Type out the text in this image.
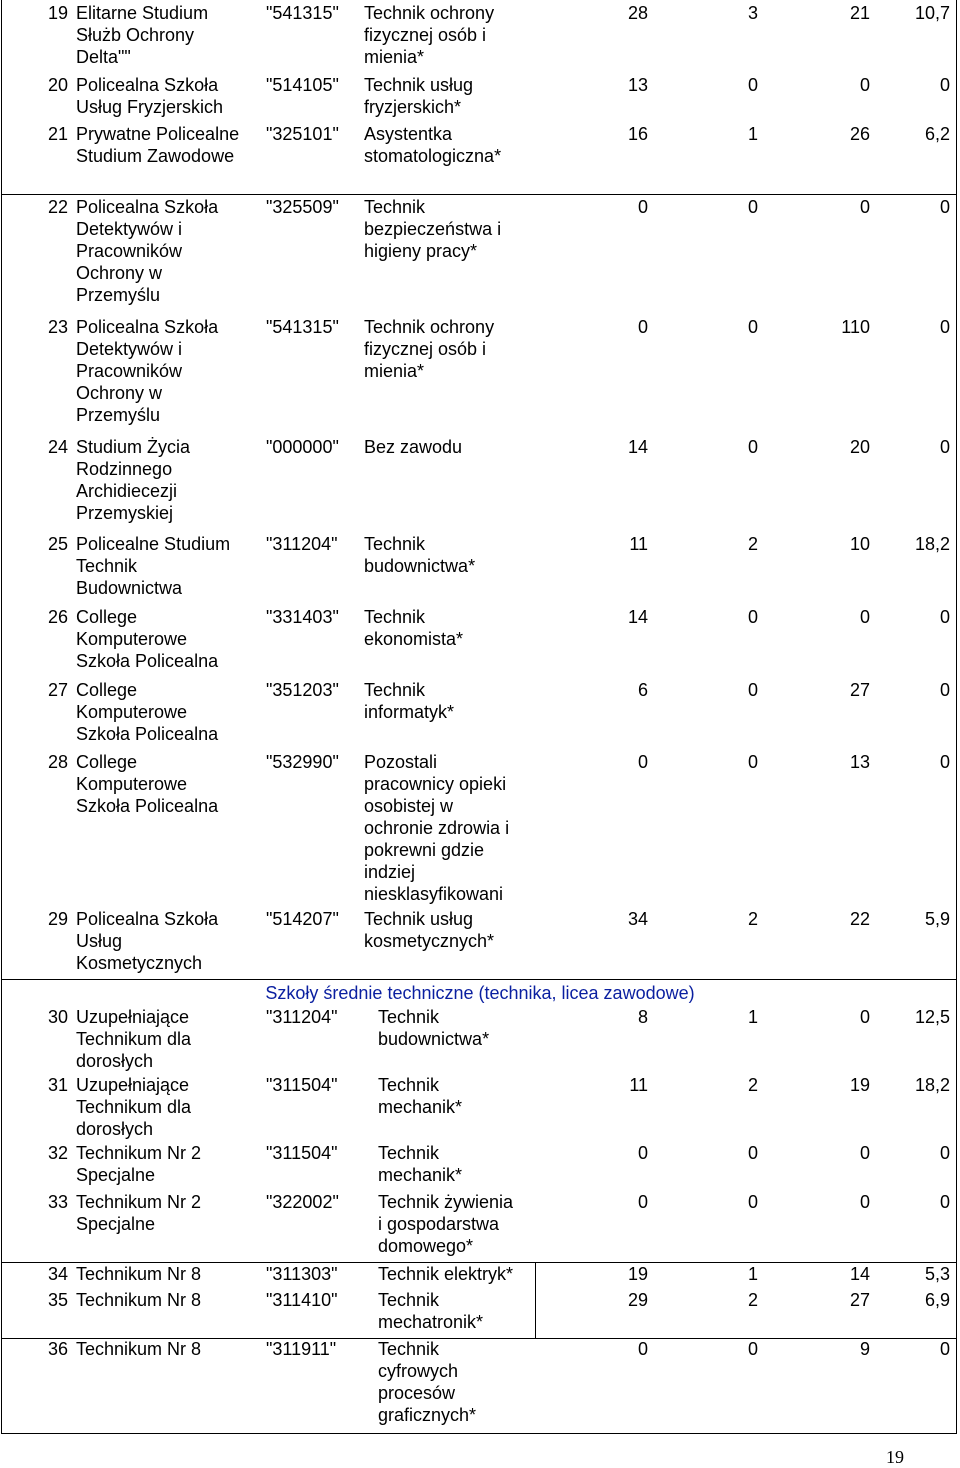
Szkoły średnie techniczne (technika, licea zawodowe)
19 Elitarne Studium
Służb Ochrony
Delta""
"541315"	Technik ochrony
fizycznej osób i
mienia*
28	3	21	10,7
20 Policealna Szkoła
Usług Fryzjerskich
"514105"	Technik usług
fryzjerskich*
13	0	0	0
21 Prywatne Policealne
Studium Zawodowe
"325101"	Asystentka
stomatologiczna*
16	1	26	6,2
22 Policealna Szkoła
Detektywów i
Pracowników
Ochrony w
Przemyślu
"325509"	Technik
bezpieczeństwa i
higieny pracy*
0	0	0	0
23 Policealna Szkoła
Detektywów i
Pracowników
Ochrony w
Przemyślu
"541315"	Technik ochrony
fizycznej osób i
mienia*
0	0	110	0
24 Studium Życia
Rodzinnego
Archidiecezji
Przemyskiej
"000000"	Bez zawodu	14	0	20	0
25 Policealne Studium
Technik
Budownictwa
"311204"	Technik
budownictwa*
11	2	10	18,2
26 College
Komputerowe
Szkoła Policealna
"331403"	Technik
ekonomista*
14	0	0	0
27 College
Komputerowe
Szkoła Policealna
"351203"	Technik
informatyk*
6	0	27	0
28 College
Komputerowe
Szkoła Policealna
"532990"	Pozostali
pracownicy opieki
osobistej w
ochronie zdrowia i
pokrewni gdzie
indziej
niesklasyfikowani
0	0	13	0
29 Policealna Szkoła
Usług
Kosmetycznych
"514207"	Technik usług
kosmetycznych*
34	2	22	5,9
30 Uzupełniające
Technikum dla
dorosłych
"311204"	Technik
budownictwa*
8	1	0	12,5
31 Uzupełniające
Technikum dla
dorosłych
"311504"	Technik
mechanik*
11	2	19	18,2
32 Technikum Nr 2
Specjalne
"311504"	Technik
mechanik*
0	0	0	0
33 Technikum Nr 2
Specjalne
"322002"	Technik żywienia
i gospodarstwa
domowego*
0	0	0	0
34 Technikum Nr 8	"311303"	Technik elektryk*	19	1	14	5,3
35 Technikum Nr 8	"311410"	Technik
mechatronik*
29	2	27	6,9
36 Technikum Nr 8	"311911"	Technik
cyfrowych
procesów
graficznych*
0	0	9	0
19
